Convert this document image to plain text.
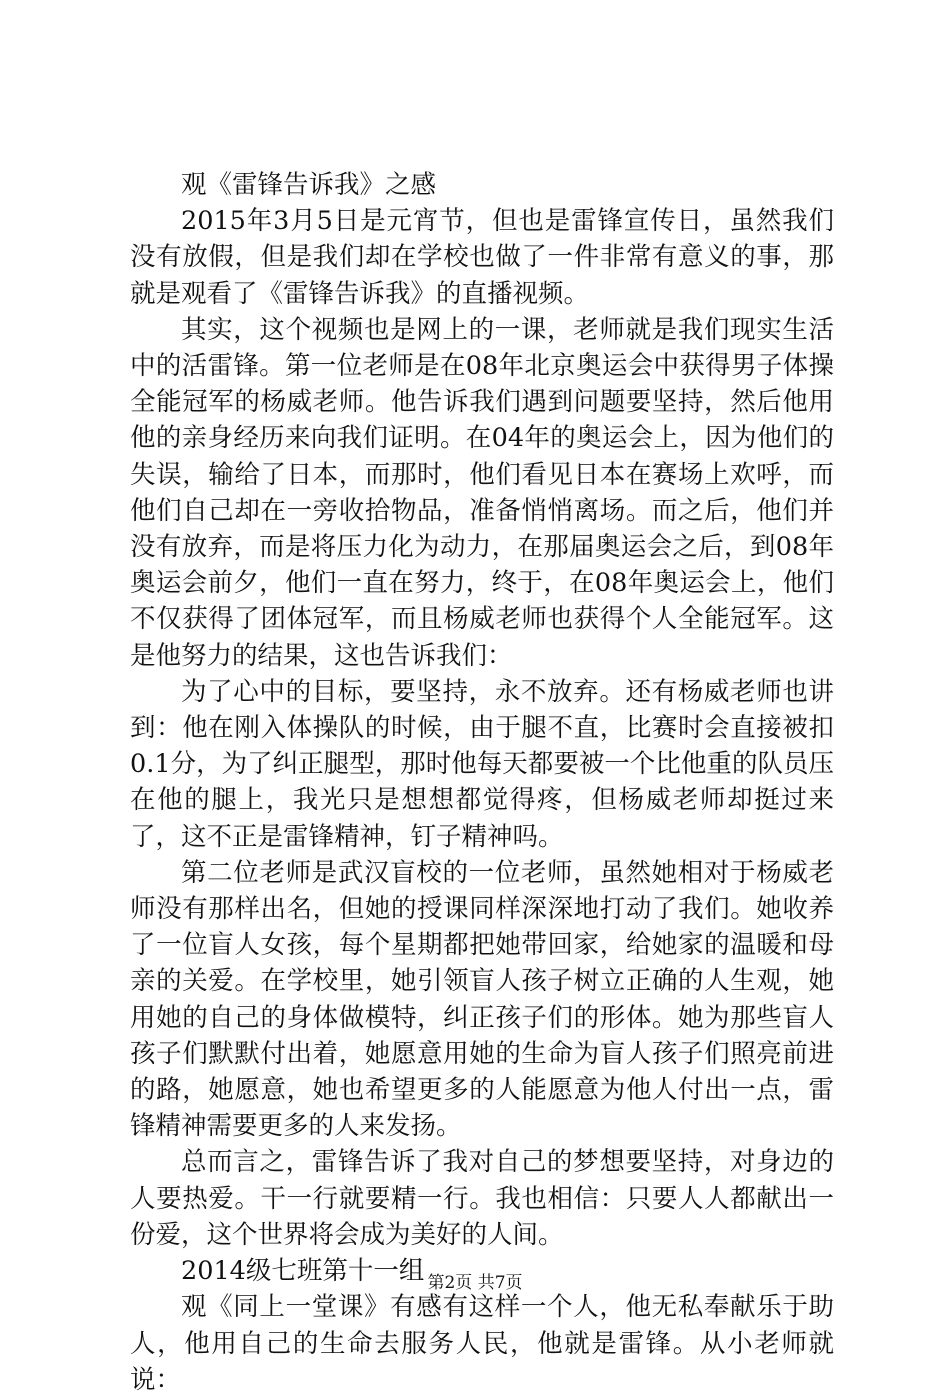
观《雷锋告诉我》之感

2015年3月5日是元宵节，但也是雷锋宣传日，虽然我们没有放假，但是我们却在学校也做了一件非常有意义的事，那就是观看了《雷锋告诉我》的直播视频。

其实，这个视频也是网上的一课，老师就是我们现实生活中的活雷锋。第一位老师是在08年北京奥运会中获得男子体操全能冠军的杨威老师。他告诉我们遇到问题要坚持，然后他用他的亲身经历来向我们证明。在04年的奥运会上，因为他们的失误，输给了日本，而那时，他们看见日本在赛场上欢呼，而他们自己却在一旁收拾物品，准备悄悄离场。而之后，他们并没有放弃，而是将压力化为动力，在那届奥运会之后，到08年奥运会前夕，他们一直在努力，终于，在08年奥运会上，他们不仅获得了团体冠军，而且杨威老师也获得个人全能冠军。这是他努力的结果，这也告诉我们：

为了心中的目标，要坚持，永不放弃。还有杨威老师也讲到：他在刚入体操队的时候，由于腿不直，比赛时会直接被扣0.1分，为了纠正腿型，那时他每天都要被一个比他重的队员压在他的腿上，我光只是想想都觉得疼，但杨威老师却挺过来了，这不正是雷锋精神，钉子精神吗。

第二位老师是武汉盲校的一位老师，虽然她相对于杨威老师没有那样出名，但她的授课同样深深地打动了我们。她收养了一位盲人女孩，每个星期都把她带回家，给她家的温暖和母亲的关爱。在学校里，她引领盲人孩子树立正确的人生观，她用她的自己的身体做模特，纠正孩子们的形体。她为那些盲人孩子们默默付出着，她愿意用她的生命为盲人孩子们照亮前进的路，她愿意，她也希望更多的人能愿意为他人付出一点，雷锋精神需要更多的人来发扬。

总而言之，雷锋告诉了我对自己的梦想要坚持，对身边的人要热爱。干一行就要精一行。我也相信：只要人人都献出一份爱，这个世界将会成为美好的人间。

2014级七班第十一组

观《同上一堂课》有感有这样一个人，他无私奉献乐于助人，他用自己的生命去服务人民，他就是雷锋。从小老师就说：

第2页 共7页
